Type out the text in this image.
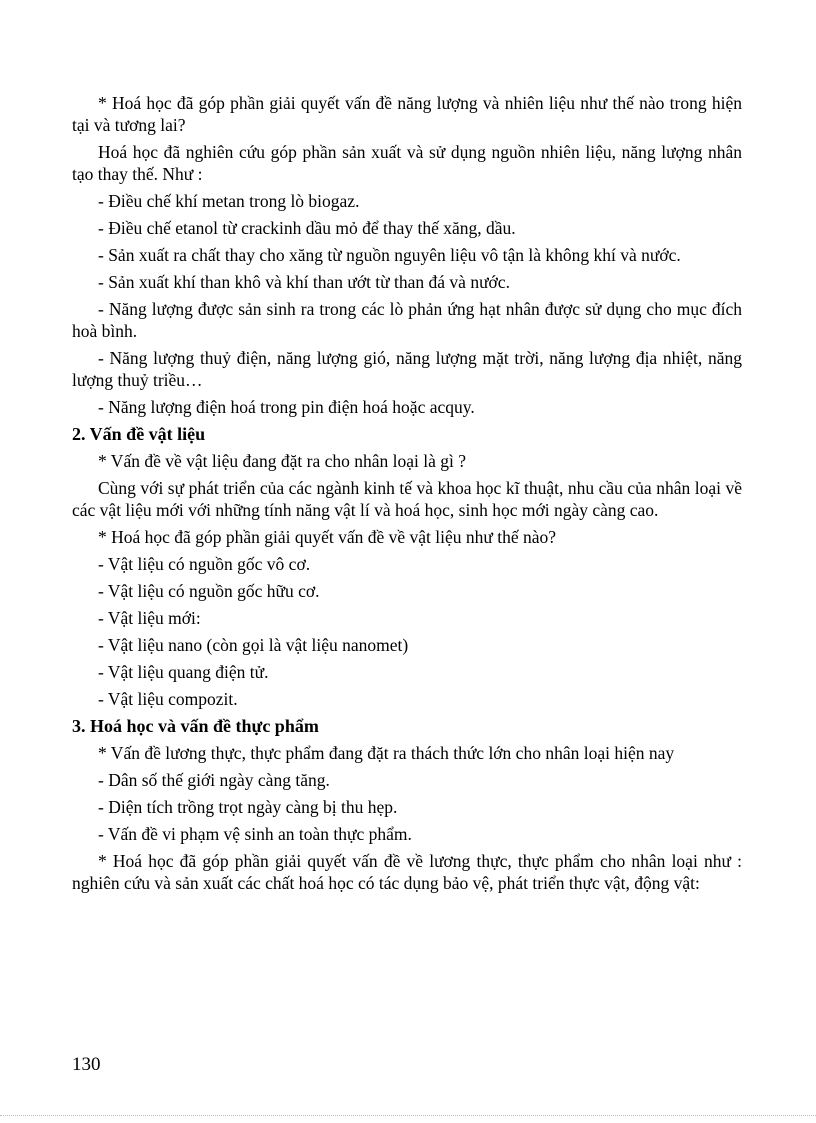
* Hoá học đã góp phần giải quyết vấn đề năng lượng và nhiên liệu như thế nào trong hiện tại và tương lai?

Hoá học đã nghiên cứu góp phần sản xuất và sử dụng nguồn nhiên liệu, năng lượng nhân tạo thay thế. Như :

- Điều chế khí metan trong lò biogaz.

- Điều chế etanol từ crackinh dầu mỏ để thay thế xăng, dầu.

- Sản xuất ra chất thay cho xăng từ nguồn nguyên liệu vô tận là không khí và nước.

- Sản xuất khí than khô và khí than ướt từ than đá và nước.

- Năng lượng được sản sinh ra trong các lò phản ứng hạt nhân được sử dụng cho mục đích hoà bình.

- Năng lượng thuỷ điện, năng lượng gió, năng lượng mặt trời, năng lượng địa nhiệt, năng lượng thuỷ triều…

- Năng lượng điện hoá trong pin điện hoá hoặc acquy.

2. Vấn đề vật liệu

* Vấn đề về vật liệu đang đặt ra cho nhân loại là gì ?

Cùng với sự phát triển của các ngành kinh tế và khoa học kĩ thuật, nhu cầu của nhân loại về các vật liệu mới với những tính năng vật lí và hoá học, sinh học mới ngày càng cao.

* Hoá học đã góp phần giải quyết vấn đề về vật liệu như thế nào?

- Vật liệu có nguồn gốc vô cơ.

- Vật liệu có nguồn gốc hữu cơ.

- Vật liệu mới:

- Vật liệu nano (còn gọi là vật liệu nanomet)

- Vật liệu quang điện tử.

- Vật liệu compozit.

3. Hoá học và vấn đề thực phẩm

* Vấn đề lương thực, thực phẩm đang đặt ra thách thức lớn cho nhân loại hiện nay

- Dân số thế giới ngày càng tăng.

- Diện tích trồng trọt ngày càng bị thu hẹp.

- Vấn đề vi phạm vệ sinh an toàn thực phẩm.

* Hoá học đã góp phần giải quyết vấn đề về lương thực, thực phẩm cho nhân loại như : nghiên cứu và sản xuất các chất hoá học có tác dụng bảo vệ, phát triển thực vật, động vật:

130
